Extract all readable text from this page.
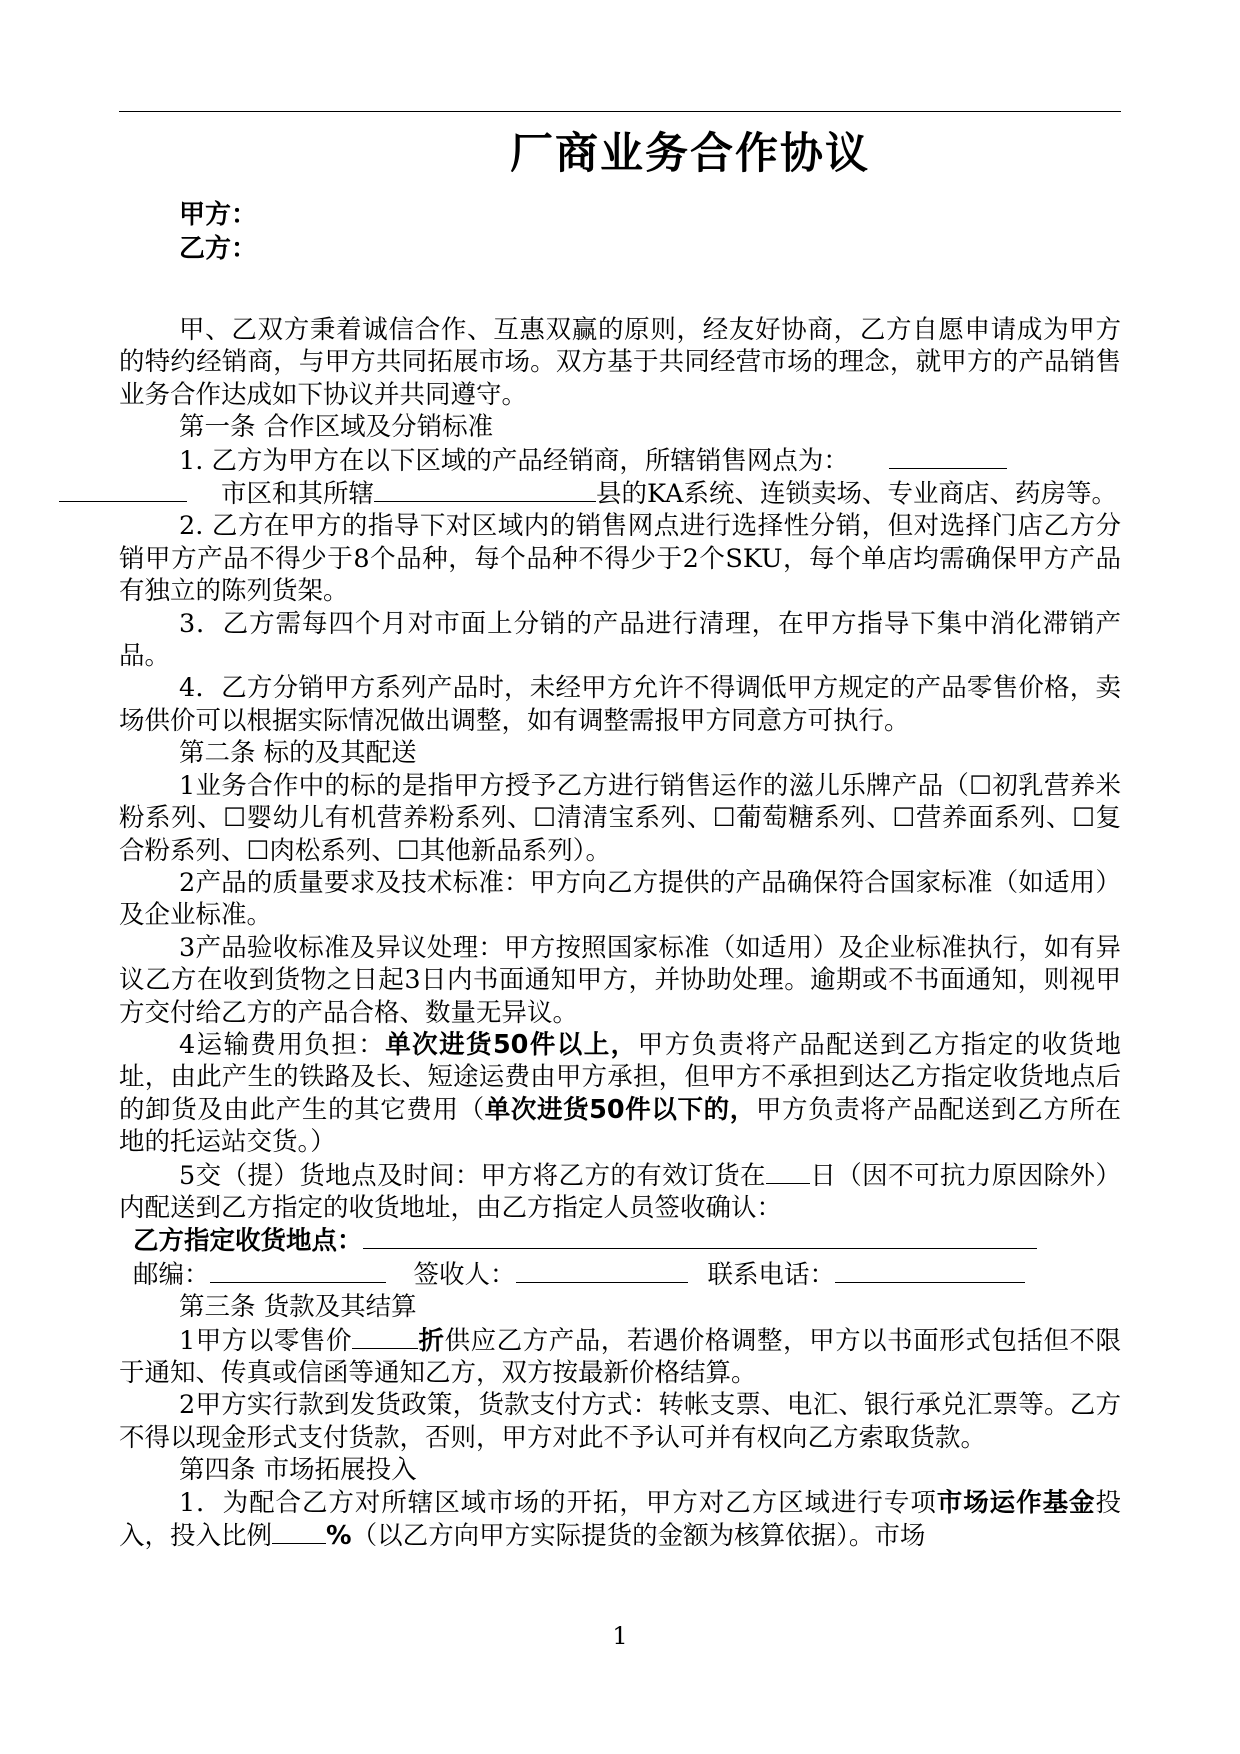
厂商业务合作协议
甲方：
乙方：

甲、乙双方秉着诚信合作、互惠双赢的原则，经友好协商，乙方自愿申请成为甲方的特约经销商，与甲方共同拓展市场。双方基于共同经营市场的理念，就甲方的产品销售业务合作达成如下协议并共同遵守。

第一条 合作区域及分销标准

1. 乙方为甲方在以下区域的产品经销商，所辖销售网点为：
市区和其所辖	县的KA系统、连锁卖场、专业商店、药房等。

2. 乙方在甲方的指导下对区域内的销售网点进行选择性分销，但对选择门店乙方分销甲方产品不得少于8个品种，每个品种不得少于2个SKU，每个单店均需确保甲方产品有独立的陈列货架。

3．乙方需每四个月对市面上分销的产品进行清理，在甲方指导下集中消化滞销产品。

4．乙方分销甲方系列产品时，未经甲方允许不得调低甲方规定的产品零售价格，卖场供价可以根据实际情况做出调整，如有调整需报甲方同意方可执行。

第二条 标的及其配送

1业务合作中的标的是指甲方授予乙方进行销售运作的滋儿乐牌产品（☐初乳营养米粉系列、☐婴幼儿有机营养粉系列、☐清清宝系列、☐葡萄糖系列、☐营养面系列、☐复合粉系列、☐肉松系列、☐其他新品系列）。

2产品的质量要求及技术标准：甲方向乙方提供的产品确保符合国家标准（如适用）及企业标准。

3产品验收标准及异议处理：甲方按照国家标准（如适用）及企业标准执行，如有异议乙方在收到货物之日起3日内书面通知甲方，并协助处理。逾期或不书面通知，则视甲方交付给乙方的产品合格、数量无异议。

4运输费用负担：单次进货50件以上，甲方负责将产品配送到乙方指定的收货地址，由此产生的铁路及长、短途运费由甲方承担，但甲方不承担到达乙方指定收货地点后的卸货及由此产生的其它费用（单次进货50件以下的，甲方负责将产品配送到乙方所在地的托运站交货。）

5交（提）货地点及时间：甲方将乙方的有效订货在 日（因不可抗力原因除外）内配送到乙方指定的收货地址，由乙方指定人员签收确认：

乙方指定收货地点：

邮编：	签收人：	联系电话：

第三条 货款及其结算

1甲方以零售价	折供应乙方产品，若遇价格调整，甲方以书面形式包括但不限于通知、传真或信函等通知乙方，双方按最新价格结算。

2甲方实行款到发货政策，货款支付方式：转帐支票、电汇、银行承兑汇票等。乙方不得以现金形式支付货款，否则，甲方对此不予认可并有权向乙方索取货款。

第四条 市场拓展投入

1．为配合乙方对所辖区域市场的开拓，甲方对乙方区域进行专项市场运作基金投入，投入比例 %（以乙方向甲方实际提货的金额为核算依据）。市场

1
